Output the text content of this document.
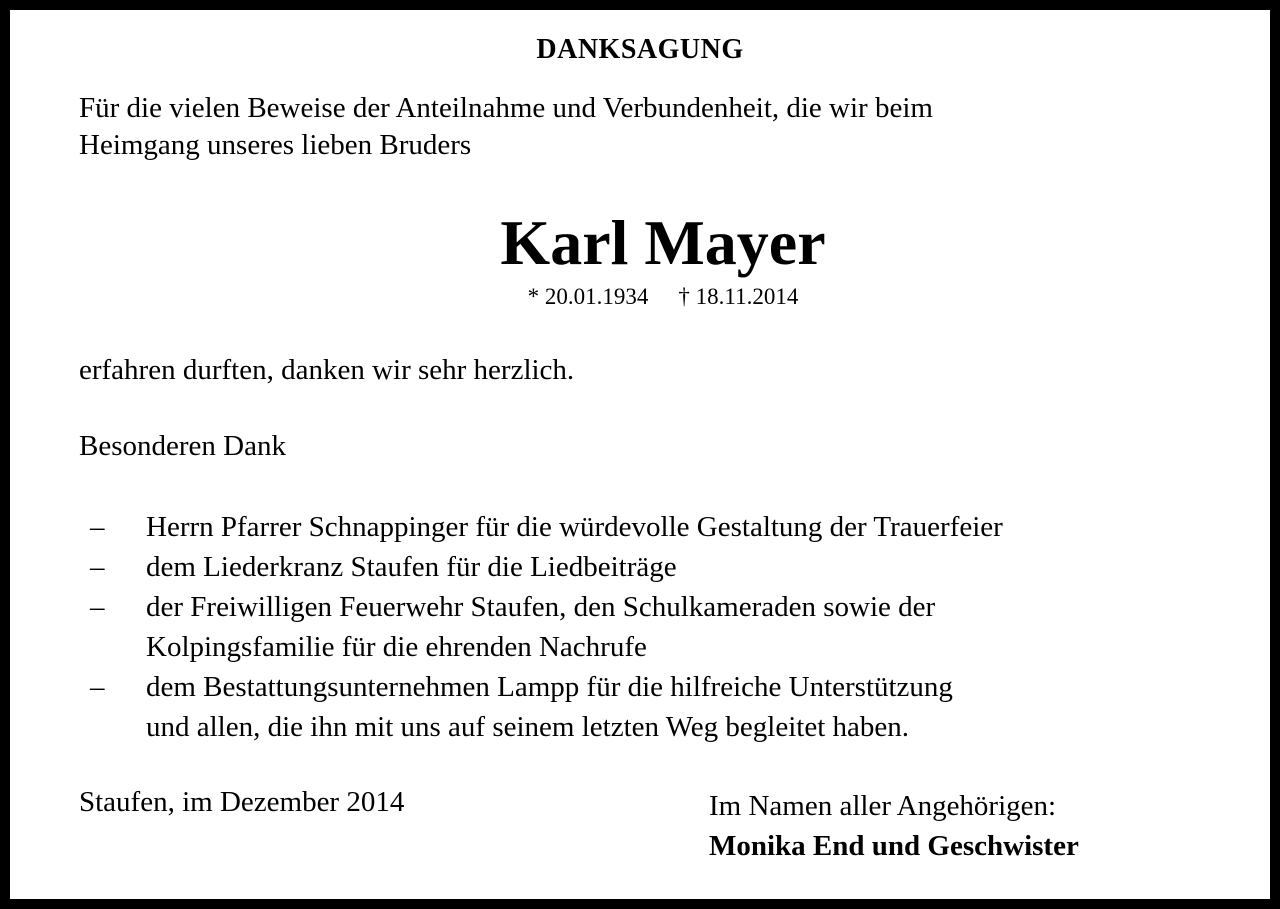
DANKSAGUNG
Für die vielen Beweise der Anteilnahme und Verbundenheit, die wir beim
Heimgang unseres lieben Bruders
Karl Mayer
* 20.01.1934 † 18.11.2014
erfahren durften, danken wir sehr herzlich.
Besonderen Dank
– Herrn Pfarrer Schnappinger für die würdevolle Gestaltung der Trauerfeier
– dem Liederkranz Staufen für die Liedbeiträge
– der Freiwilligen Feuerwehr Staufen, den Schulkameraden sowie der
Kolpingsfamilie für die ehrenden Nachrufe
– dem Bestattungsunternehmen Lampp für die hilfreiche Unterstützung
und allen, die ihn mit uns auf seinem letzten Weg begleitet haben.
Staufen, im Dezember 2014	Im Namen aller Angehörigen:
Monika End und Geschwister
